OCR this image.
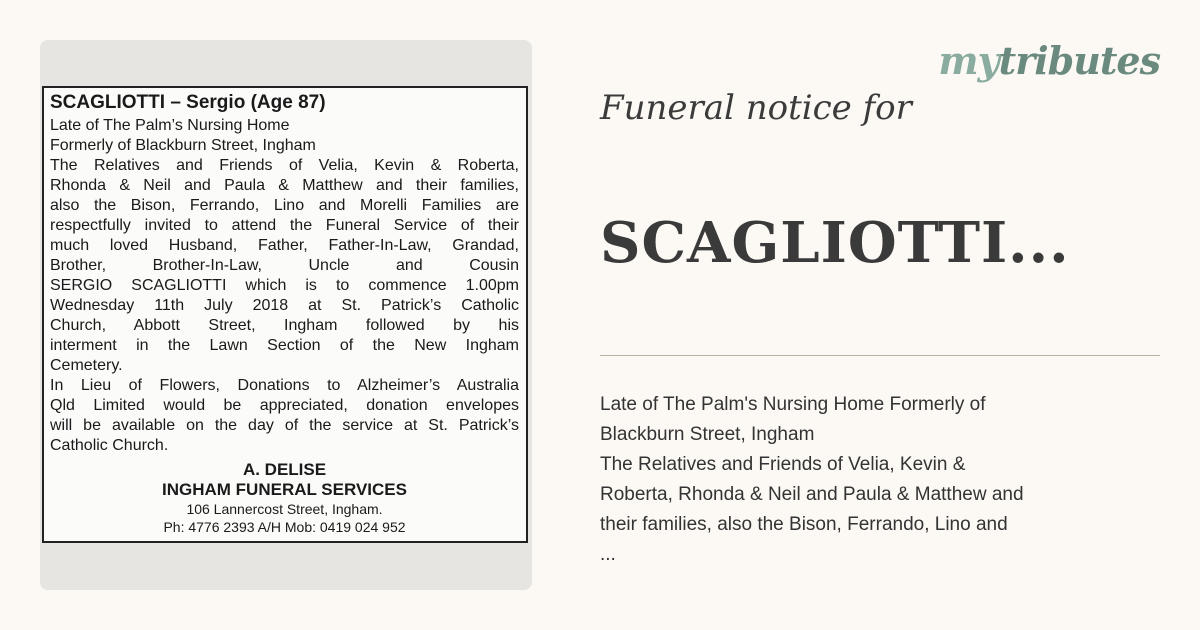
SCAGLIOTTI – Sergio (Age 87)
Late of The Palm’s Nursing Home
Formerly of Blackburn Street, Ingham
The Relatives and Friends of Velia, Kevin & Roberta,
Rhonda & Neil and Paula & Matthew and their families,
also the Bison, Ferrando, Lino and Morelli Families are
respectfully invited to attend the Funeral Service of their
much loved Husband, Father, Father-In-Law, Grandad,
Brother, Brother-In-Law, Uncle and Cousin
SERGIO SCAGLIOTTI which is to commence 1.00pm
Wednesday 11th July 2018 at St. Patrick’s Catholic
Church, Abbott Street, Ingham followed by his
interment in the Lawn Section of the New Ingham
Cemetery.
In Lieu of Flowers, Donations to Alzheimer’s Australia
Qld Limited would be appreciated, donation envelopes
will be available on the day of the service at St. Patrick’s
Catholic Church.
A. DELISE
INGHAM FUNERAL SERVICES
106 Lannercost Street, Ingham.
Ph: 4776 2393 A/H Mob: 0419 024 952
mytributes
Funeral notice for
SCAGLIOTTI...
Late of The Palm's Nursing Home Formerly of
Blackburn Street, Ingham
The Relatives and Friends of Velia, Kevin &
Roberta, Rhonda & Neil and Paula & Matthew and
their families, also the Bison, Ferrando, Lino and
...
